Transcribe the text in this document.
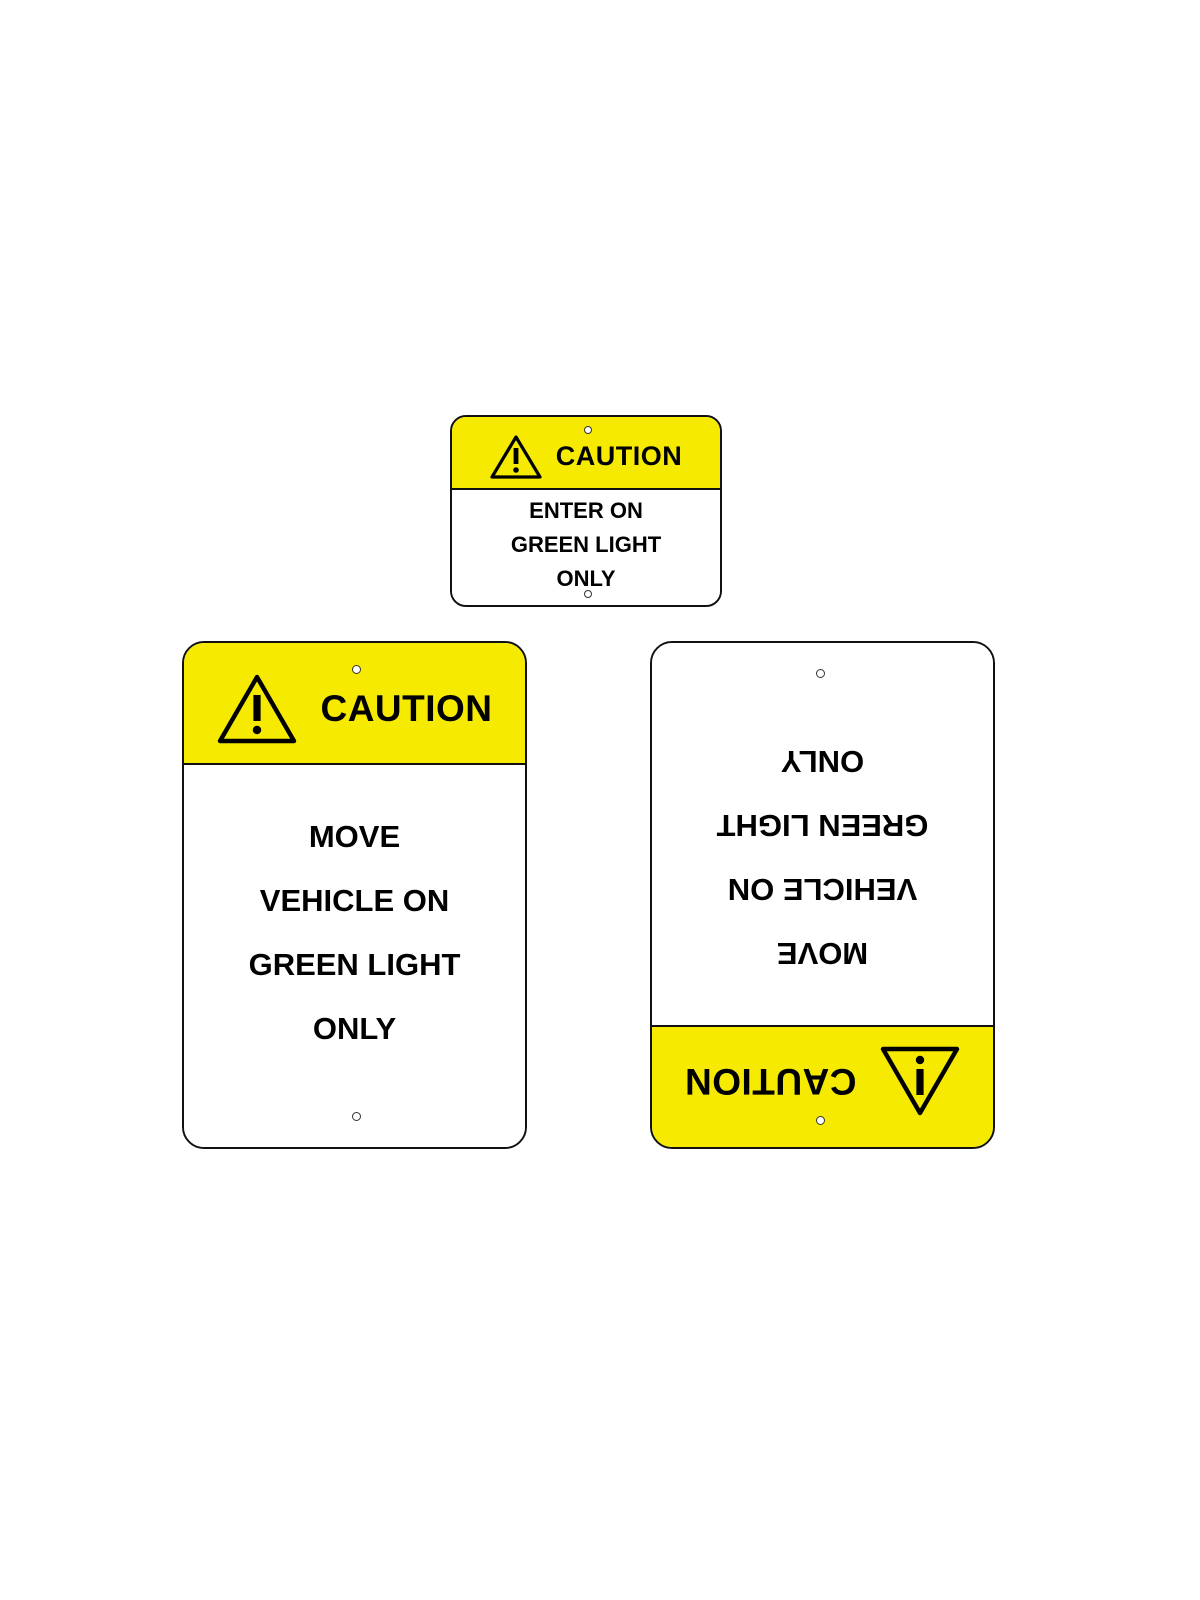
CAUTION
ENTER ON
GREEN LIGHT
ONLY
CAUTION
MOVE
VEHICLE ON
GREEN LIGHT
ONLY
CAUTION
MOVE
VEHICLE ON
GREEN LIGHT
ONLY
